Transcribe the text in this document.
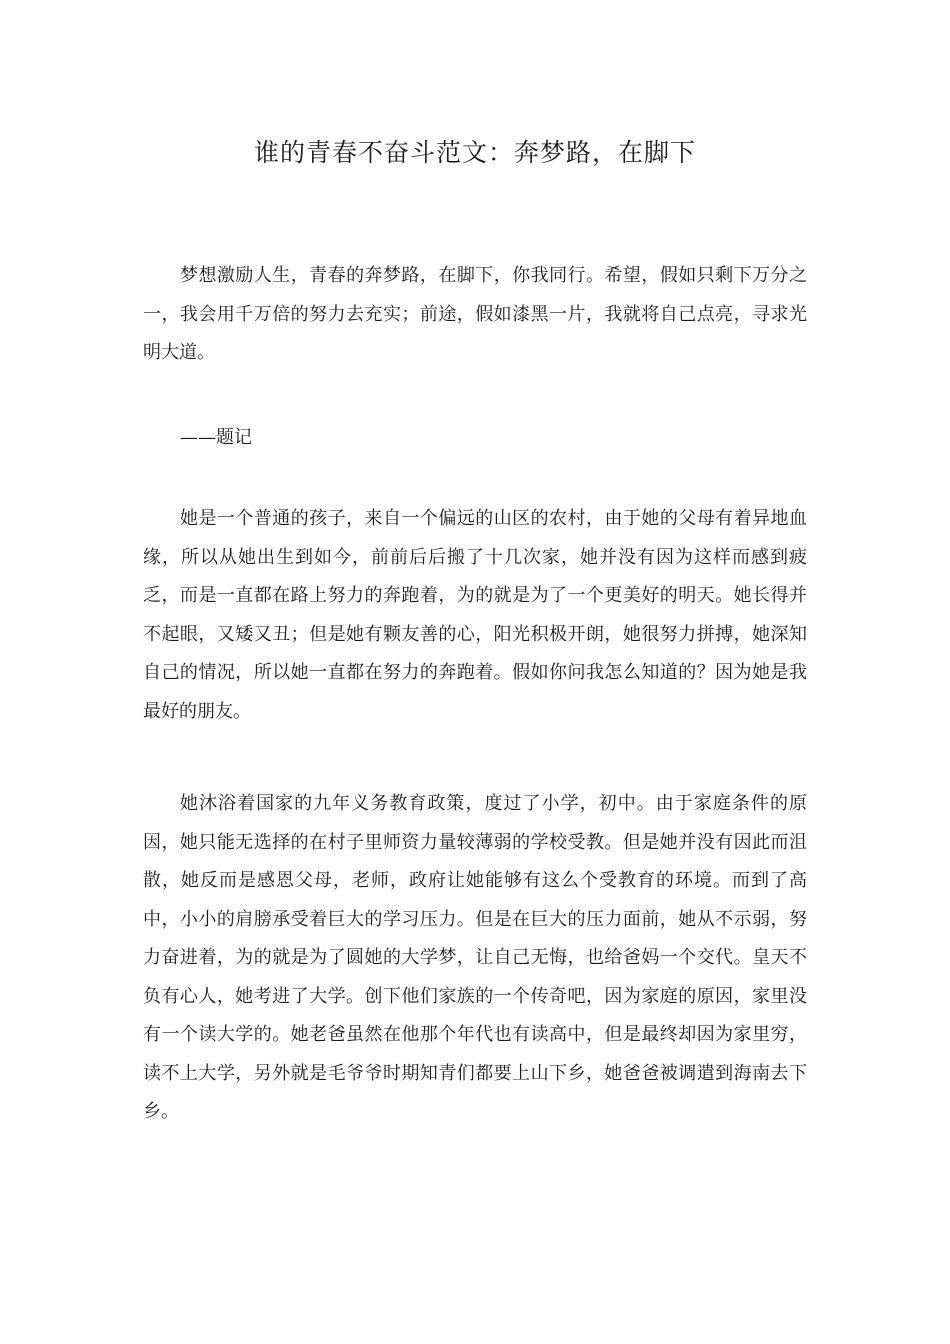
谁的青春不奋斗范文：奔梦路，在脚下

梦想激励人生，青春的奔梦路，在脚下，你我同行。希望，假如只剩下万分之一，我会用千万倍的努力去充实；前途，假如漆黑一片，我就将自己点亮，寻求光明大道。

——题记

她是一个普通的孩子，来自一个偏远的山区的农村，由于她的父母有着异地血缘，所以从她出生到如今，前前后后搬了十几次家，她并没有因为这样而感到疲乏，而是一直都在路上努力的奔跑着，为的就是为了一个更美好的明天。她长得并不起眼，又矮又丑；但是她有颗友善的心，阳光积极开朗，她很努力拼搏，她深知自己的情况，所以她一直都在努力的奔跑着。假如你问我怎么知道的？因为她是我最好的朋友。

她沐浴着国家的九年义务教育政策，度过了小学，初中。由于家庭条件的原因，她只能无选择的在村子里师资力量较薄弱的学校受教。但是她并没有因此而沮散，她反而是感恩父母，老师，政府让她能够有这么个受教育的环境。而到了高中，小小的肩膀承受着巨大的学习压力。但是在巨大的压力面前，她从不示弱，努力奋进着，为的就是为了圆她的大学梦，让自己无悔，也给爸妈一个交代。皇天不负有心人，她考进了大学。创下他们家族的一个传奇吧，因为家庭的原因，家里没有一个读大学的。她老爸虽然在他那个年代也有读高中，但是最终却因为家里穷，读不上大学，另外就是毛爷爷时期知青们都要上山下乡，她爸爸被调遣到海南去下乡。
